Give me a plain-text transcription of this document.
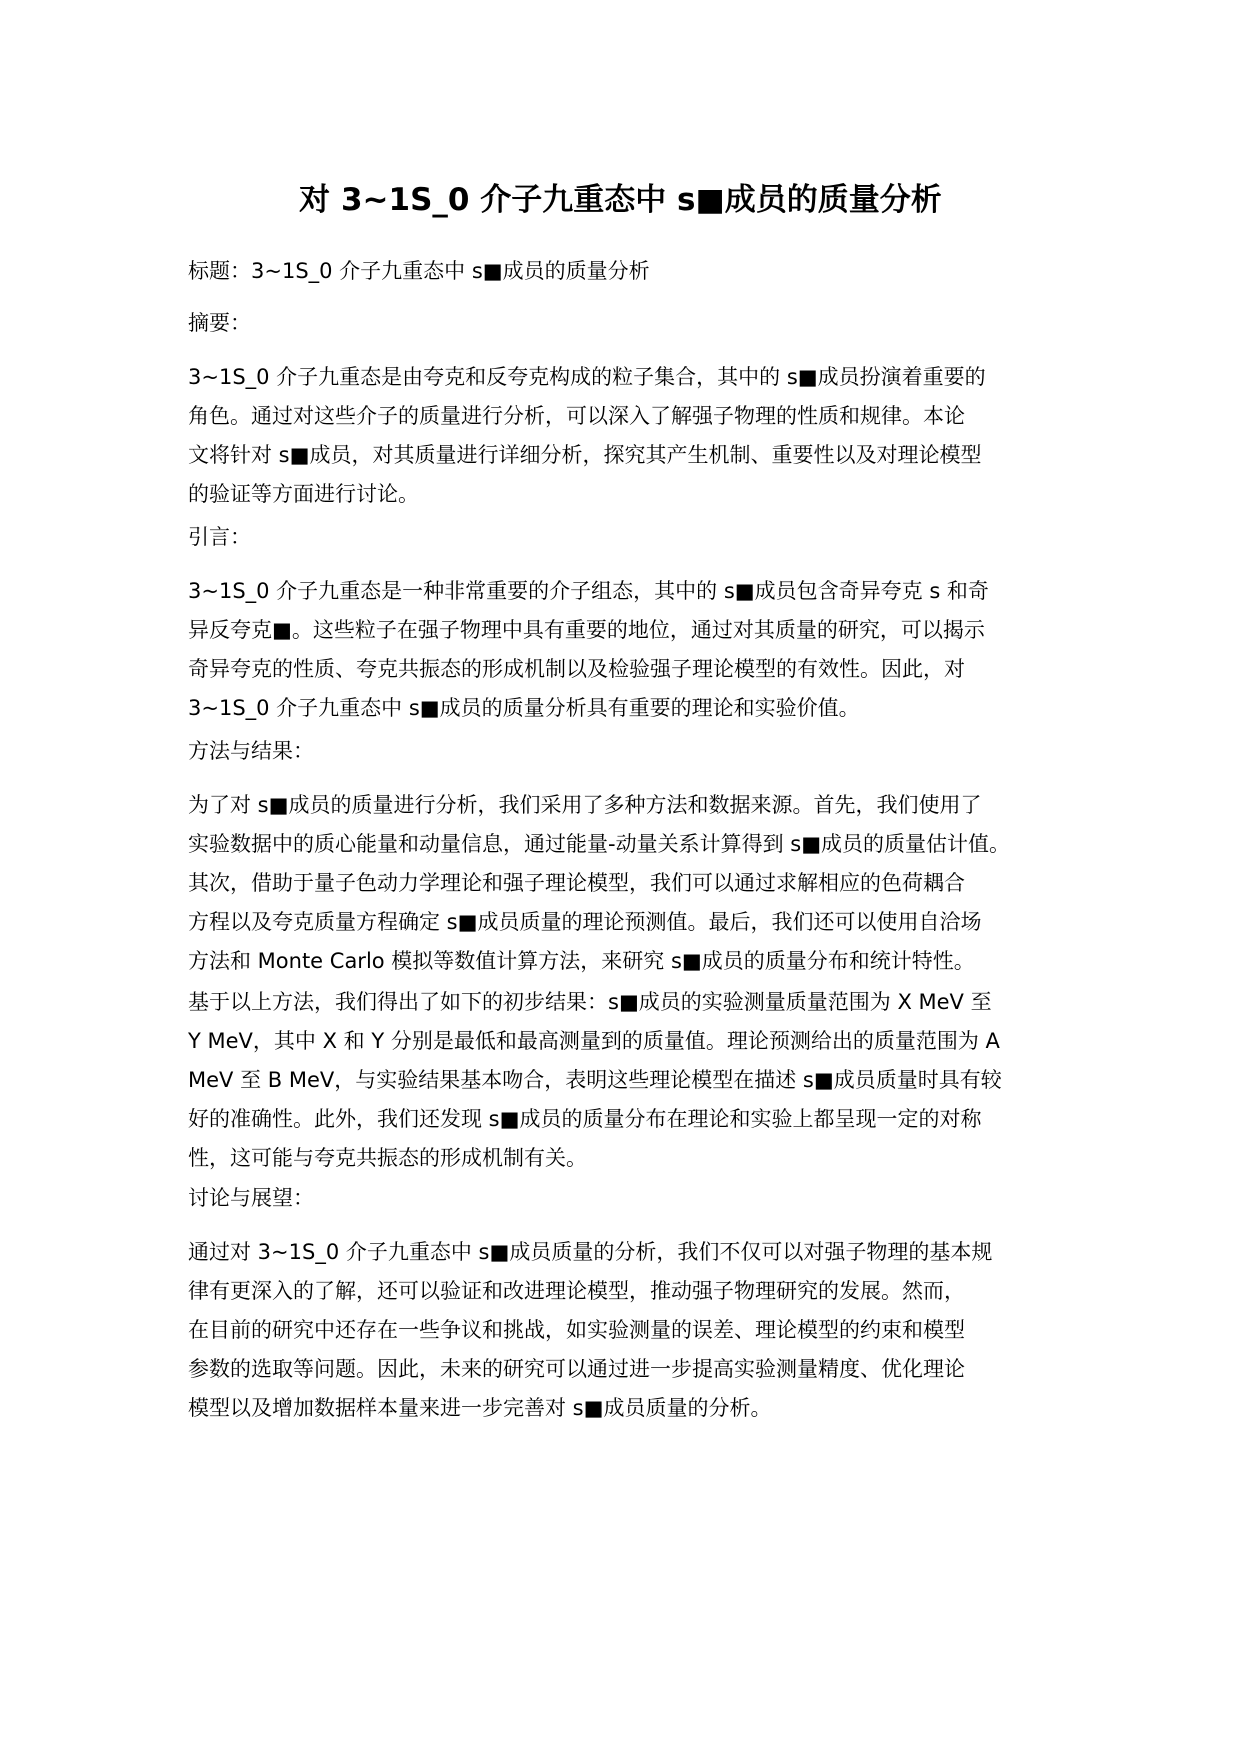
对 3~1S_0 介子九重态中 s■成员的质量分析

标题：3~1S_0 介子九重态中 s■成员的质量分析

摘要：

3~1S_0 介子九重态是由夸克和反夸克构成的粒子集合，其中的 s■成员扮演着重要的
角色。通过对这些介子的质量进行分析，可以深入了解强子物理的性质和规律。本论
文将针对 s■成员，对其质量进行详细分析，探究其产生机制、重要性以及对理论模型
的验证等方面进行讨论。

引言：

3~1S_0 介子九重态是一种非常重要的介子组态，其中的 s■成员包含奇异夸克 s 和奇
异反夸克■。这些粒子在强子物理中具有重要的地位，通过对其质量的研究，可以揭示
奇异夸克的性质、夸克共振态的形成机制以及检验强子理论模型的有效性。因此，对
3~1S_0 介子九重态中 s■成员的质量分析具有重要的理论和实验价值。

方法与结果：

为了对 s■成员的质量进行分析，我们采用了多种方法和数据来源。首先，我们使用了
实验数据中的质心能量和动量信息，通过能量-动量关系计算得到 s■成员的质量估计值。
其次，借助于量子色动力学理论和强子理论模型，我们可以通过求解相应的色荷耦合
方程以及夸克质量方程确定 s■成员质量的理论预测值。最后，我们还可以使用自洽场
方法和 Monte Carlo 模拟等数值计算方法，来研究 s■成员的质量分布和统计特性。

基于以上方法，我们得出了如下的初步结果：s■成员的实验测量质量范围为 X MeV 至
Y MeV，其中 X 和 Y 分别是最低和最高测量到的质量值。理论预测给出的质量范围为 A
MeV 至 B MeV，与实验结果基本吻合，表明这些理论模型在描述 s■成员质量时具有较
好的准确性。此外，我们还发现 s■成员的质量分布在理论和实验上都呈现一定的对称
性，这可能与夸克共振态的形成机制有关。

讨论与展望：

通过对 3~1S_0 介子九重态中 s■成员质量的分析，我们不仅可以对强子物理的基本规
律有更深入的了解，还可以验证和改进理论模型，推动强子物理研究的发展。然而，
在目前的研究中还存在一些争议和挑战，如实验测量的误差、理论模型的约束和模型
参数的选取等问题。因此，未来的研究可以通过进一步提高实验测量精度、优化理论
模型以及增加数据样本量来进一步完善对 s■成员质量的分析。
